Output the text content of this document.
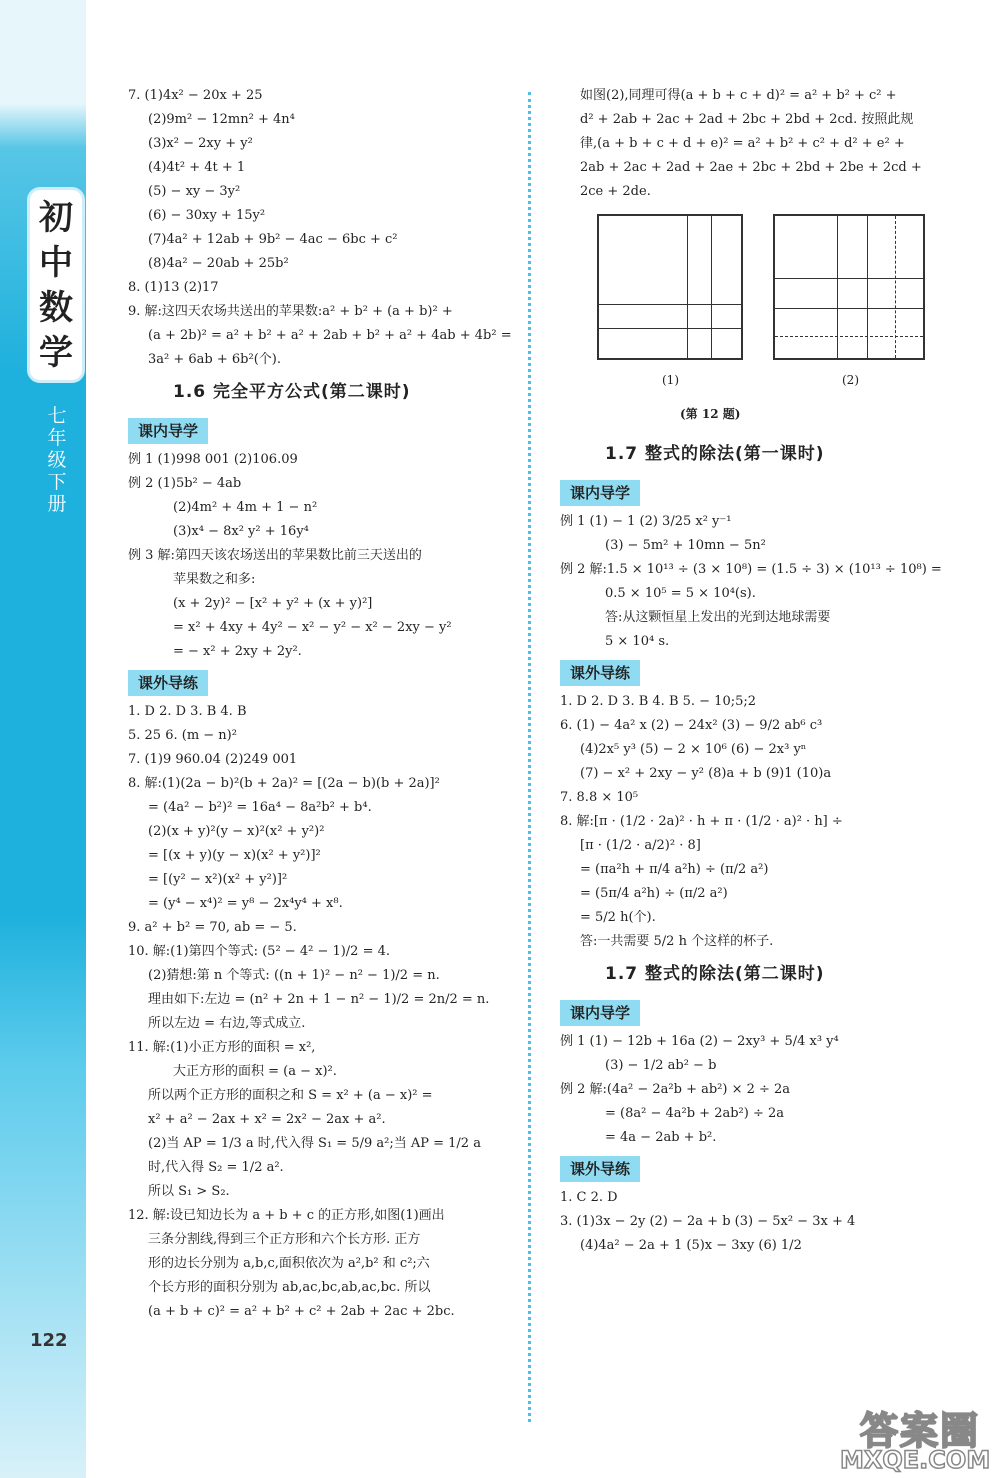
初中数学
七年级下册
122

7. (1)4x² − 20x + 25

(2)9m² − 12mn² + 4n⁴

(3)x² − 2xy + y²

(4)4t² + 4t + 1

(5) − xy − 3y²

(6) − 30xy + 15y²

(7)4a² + 12ab + 9b² − 4ac − 6bc + c²

(8)4a² − 20ab + 25b²

8. (1)13 (2)17

9. 解:这四天农场共送出的苹果数:a² + b² + (a + b)² +

(a + 2b)² = a² + b² + a² + 2ab + b² + a² + 4ab + 4b² =

3a² + 6ab + 6b²(个).

1.6 完全平方公式(第二课时)

课内导学

例 1 (1)998 001 (2)106.09

例 2 (1)5b² − 4ab

(2)4m² + 4m + 1 − n²

(3)x⁴ − 8x² y² + 16y⁴

例 3 解:第四天该农场送出的苹果数比前三天送出的

苹果数之和多:

(x + 2y)² − [x² + y² + (x + y)²]

= x² + 4xy + 4y² − x² − y² − x² − 2xy − y²

= − x² + 2xy + 2y².

课外导练

1. D 2. D 3. B 4. B

5. 25 6. (m − n)²

7. (1)9 960.04 (2)249 001

8. 解:(1)(2a − b)²(b + 2a)² = [(2a − b)(b + 2a)]²

= (4a² − b²)² = 16a⁴ − 8a²b² + b⁴.

(2)(x + y)²(y − x)²(x² + y²)²

= [(x + y)(y − x)(x² + y²)]²

= [(y² − x²)(x² + y²)]²

= (y⁴ − x⁴)² = y⁸ − 2x⁴y⁴ + x⁸.

9. a² + b² = 70, ab = − 5.

10. 解:(1)第四个等式: (5² − 4² − 1)/2 = 4.

(2)猜想:第 n 个等式: ((n + 1)² − n² − 1)/2 = n.

理由如下:左边 = (n² + 2n + 1 − n² − 1)/2 = 2n/2 = n.

所以左边 = 右边,等式成立.

11. 解:(1)小正方形的面积 = x²,

大正方形的面积 = (a − x)².

所以两个正方形的面积之和 S = x² + (a − x)² =

x² + a² − 2ax + x² = 2x² − 2ax + a².

(2)当 AP = 1/3 a 时,代入得 S₁ = 5/9 a²;当 AP = 1/2 a

时,代入得 S₂ = 1/2 a².

所以 S₁ > S₂.

12. 解:设已知边长为 a + b + c 的正方形,如图(1)画出

三条分割线,得到三个正方形和六个长方形. 正方

形的边长分别为 a,b,c,面积依次为 a²,b² 和 c²;六

个长方形的面积分别为 ab,ac,bc,ab,ac,bc. 所以

(a + b + c)² = a² + b² + c² + 2ab + 2ac + 2bc.

如图(2),同理可得(a + b + c + d)² = a² + b² + c² +

d² + 2ab + 2ac + 2ad + 2bc + 2bd + 2cd. 按照此规

律,(a + b + c + d + e)² = a² + b² + c² + d² + e² +

2ab + 2ac + 2ad + 2ae + 2bc + 2bd + 2be + 2cd +

2ce + 2de.

(1)	(2)
(第 12 题)

1.7 整式的除法(第一课时)

课内导学

例 1 (1) − 1 (2) 3/25 x² y⁻¹

(3) − 5m² + 10mn − 5n²

例 2 解:1.5 × 10¹³ ÷ (3 × 10⁸) = (1.5 ÷ 3) × (10¹³ ÷ 10⁸) =

0.5 × 10⁵ = 5 × 10⁴(s).

答:从这颗恒星上发出的光到达地球需要

5 × 10⁴ s.

课外导练

1. D 2. D 3. B 4. B 5. − 10;5;2

6. (1) − 4a² x (2) − 24x² (3) − 9/2 ab⁶ c³

(4)2x⁵ y³ (5) − 2 × 10⁶ (6) − 2x³ yⁿ

(7) − x² + 2xy − y² (8)a + b (9)1 (10)a

7. 8.8 × 10⁵

8. 解:[π · (1/2 · 2a)² · h + π · (1/2 · a)² · h] ÷

[π · (1/2 · a/2)² · 8]

= (πa²h + π/4 a²h) ÷ (π/2 a²)

= (5π/4 a²h) ÷ (π/2 a²)

= 5/2 h(个).

答:一共需要 5/2 h 个这样的杯子.

1.7 整式的除法(第二课时)

课内导学

例 1 (1) − 12b + 16a (2) − 2xy³ + 5/4 x³ y⁴

(3) − 1/2 ab² − b

例 2 解:(4a² − 2a²b + ab²) × 2 ÷ 2a

= (8a² − 4a²b + 2ab²) ÷ 2a

= 4a − 2ab + b².

课外导练

1. C 2. D

3. (1)3x − 2y (2) − 2a + b (3) − 5x² − 3x + 4

(4)4a² − 2a + 1 (5)x − 3xy (6) 1/2

答案圈
MXQE.COM
